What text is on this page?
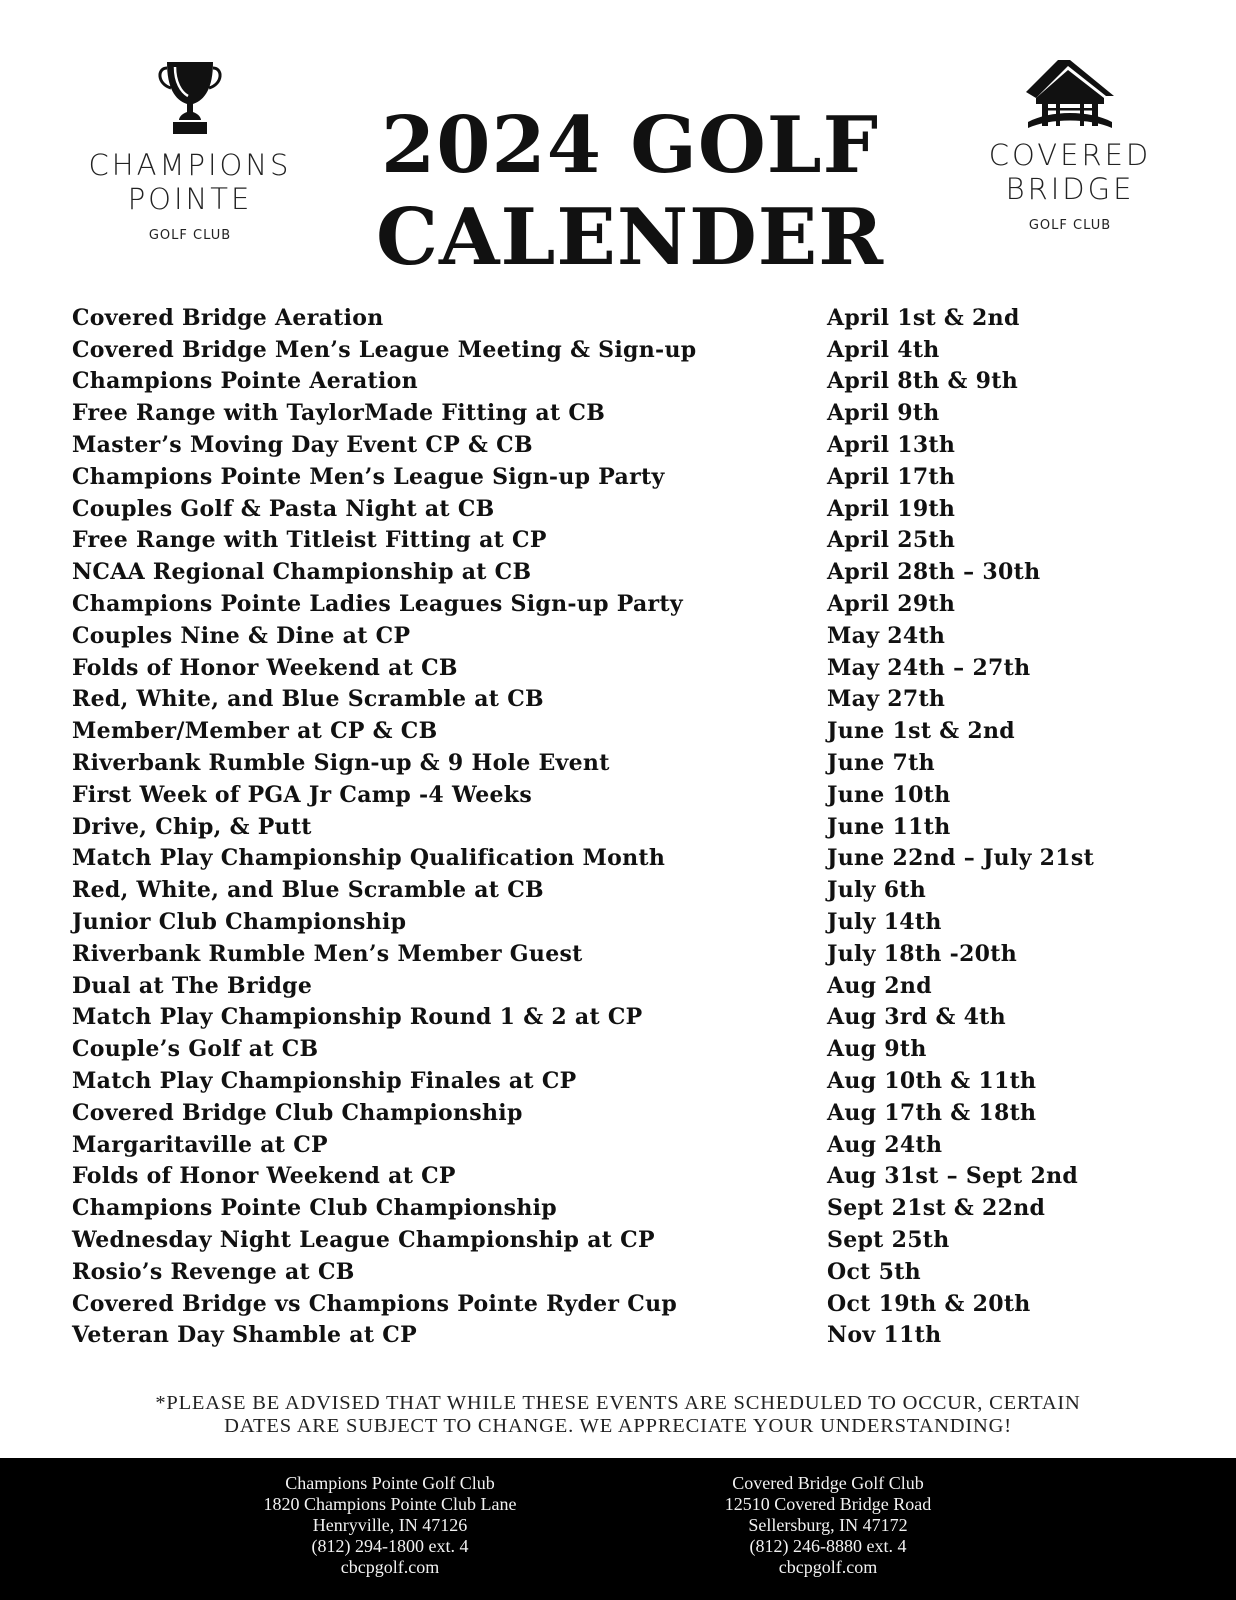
CHAMPIONS
POINTE
GOLF CLUB
2024 GOLF
CALENDER
COVERED
BRIDGE
GOLF CLUB
Covered Bridge Aeration	April 1st & 2nd
Covered Bridge Men’s League Meeting & Sign-up	April 4th
Champions Pointe Aeration	April 8th & 9th
Free Range with TaylorMade Fitting at CB	April 9th
Master’s Moving Day Event CP & CB	April 13th
Champions Pointe Men’s League Sign-up Party	April 17th
Couples Golf & Pasta Night at CB	April 19th
Free Range with Titleist Fitting at CP	April 25th
NCAA Regional Championship at CB	April 28th – 30th
Champions Pointe Ladies Leagues Sign-up Party	April 29th
Couples Nine & Dine at CP	May 24th
Folds of Honor Weekend at CB	May 24th – 27th
Red, White, and Blue Scramble at CB	May 27th
Member/Member at CP & CB	June 1st & 2nd
Riverbank Rumble Sign-up & 9 Hole Event	June 7th
First Week of PGA Jr Camp -4 Weeks	June 10th
Drive, Chip, & Putt	June 11th
Match Play Championship Qualification Month	June 22nd – July 21st
Red, White, and Blue Scramble at CB	July 6th
Junior Club Championship	July 14th
Riverbank Rumble Men’s Member Guest	July 18th -20th
Dual at The Bridge	Aug 2nd
Match Play Championship Round 1 & 2 at CP	Aug 3rd & 4th
Couple’s Golf at CB	Aug 9th
Match Play Championship Finales at CP	Aug 10th & 11th
Covered Bridge Club Championship	Aug 17th & 18th
Margaritaville at CP	Aug 24th
Folds of Honor Weekend at CP	Aug 31st – Sept 2nd
Champions Pointe Club Championship	Sept 21st & 22nd
Wednesday Night League Championship at CP	Sept 25th
Rosio’s Revenge at CB	Oct 5th
Covered Bridge vs Champions Pointe Ryder Cup	Oct 19th & 20th
Veteran Day Shamble at CP	Nov 11th
*PLEASE BE ADVISED THAT WHILE THESE EVENTS ARE SCHEDULED TO OCCUR, CERTAIN
DATES ARE SUBJECT TO CHANGE. WE APPRECIATE YOUR UNDERSTANDING!
Champions Pointe Golf Club
1820 Champions Pointe Club Lane
Henryville, IN 47126
(812) 294-1800 ext. 4
cbcpgolf.com
Covered Bridge Golf Club
12510 Covered Bridge Road
Sellersburg, IN 47172
(812) 246-8880 ext. 4
cbcpgolf.com
